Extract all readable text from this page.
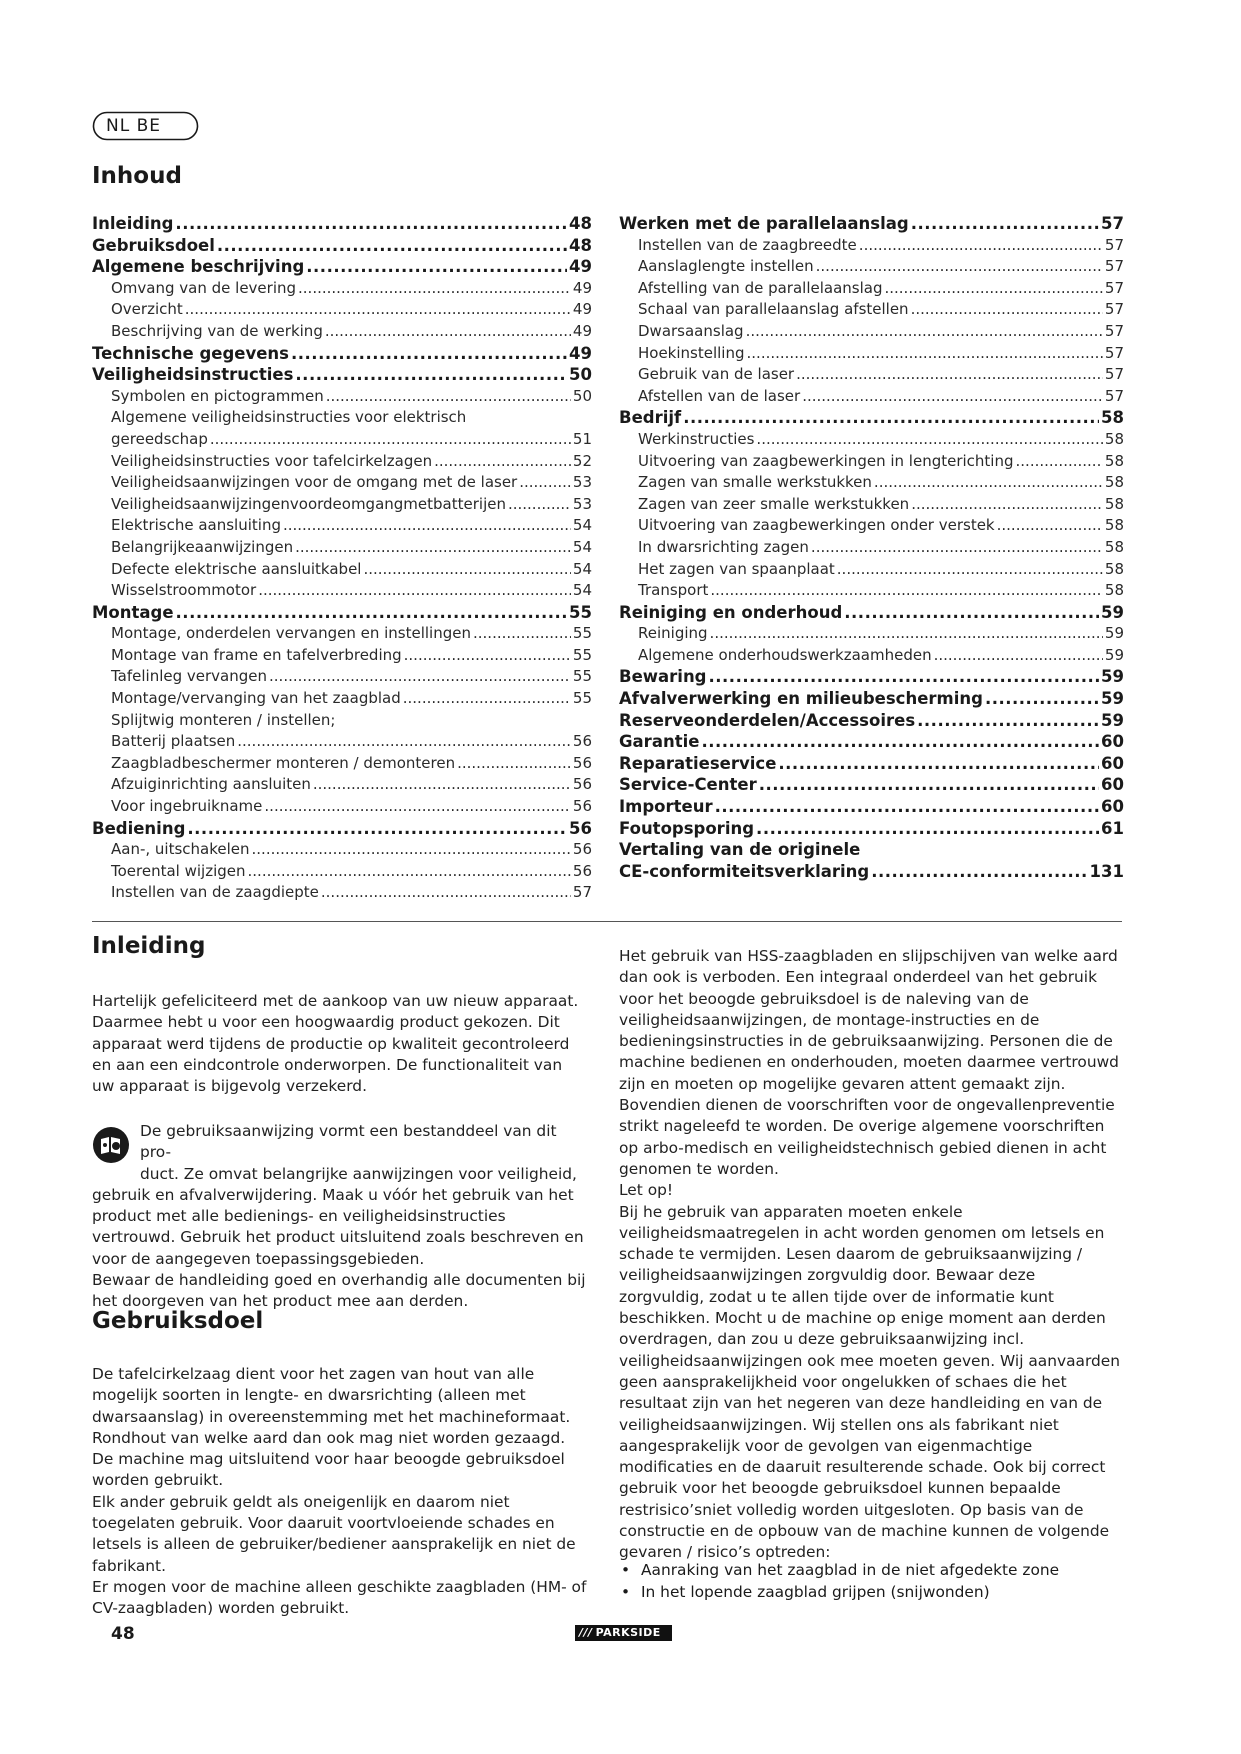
NL BE
Inhoud
Inleiding .....	48
Gebruiksdoel .....	48
Algemene beschrijving .....	49
Omvang van de levering .....	49
Overzicht .....	49
Beschrijving van de werking .....	49
Technische gegevens .....	49
Veiligheidsinstructies .....	50
Symbolen en pictogrammen .....	50
Algemene veiligheidsinstructies voor elektrisch
gereedschap .....	51
Veiligheidsinstructies voor tafelcirkelzagen .....	52
Veiligheidsaanwijzingen voor de omgang met de laser .....	53
Veiligheidsaanwijzingenvoordeomgangmetbatterijen .....	53
Elektrische aansluiting .....	54
Belangrijkeaanwijzingen .....	54
Defecte elektrische aansluitkabel .....	54
Wisselstroommotor .....	54
Montage .....	55
Montage, onderdelen vervangen en instellingen .....	55
Montage van frame en tafelverbreding .....	55
Tafelinleg vervangen .....	55
Montage/vervanging van het zaagblad .....	55
Splijtwig monteren / instellen;
Batterij plaatsen .....	56
Zaagbladbeschermer monteren / demonteren .....	56
Afzuiginrichting aansluiten .....	56
Voor ingebruikname .....	56
Bediening .....	56
Aan-, uitschakelen .....	56
Toerental wijzigen .....	56
Instellen van de zaagdiepte .....	57
Werken met de parallelaanslag .....	57
Instellen van de zaagbreedte .....	57
Aanslaglengte instellen .....	57
Afstelling van de parallelaanslag .....	57
Schaal van parallelaanslag afstellen .....	57
Dwarsaanslag .....	57
Hoekinstelling .....	57
Gebruik van de laser .....	57
Afstellen van de laser .....	57
Bedrijf .....	58
Werkinstructies .....	58
Uitvoering van zaagbewerkingen in lengterichting .....	58
Zagen van smalle werkstukken .....	58
Zagen van zeer smalle werkstukken .....	58
Uitvoering van zaagbewerkingen onder verstek .....	58
In dwarsrichting zagen .....	58
Het zagen van spaanplaat .....	58
Transport .....	58
Reiniging en onderhoud .....	59
Reiniging .....	59
Algemene onderhoudswerkzaamheden .....	59
Bewaring .....	59
Afvalverwerking en milieubescherming .....	59
Reserveonderdelen/Accessoires .....	59
Garantie .....	60
Reparatieservice .....	60
Service-Center .....	60
Importeur .....	60
Foutopsporing .....	61
Vertaling van de originele
CE-conformiteitsverklaring .....	131
Inleiding

Hartelijk gefeliciteerd met de aankoop van uw nieuw apparaat. Daarmee hebt u voor een hoogwaardig product gekozen. Dit apparaat werd tijdens de productie op kwaliteit gecontroleerd en aan een eindcontrole onderworpen. De functionaliteit van uw apparaat is bijgevolg verzekerd.

De gebruiksaanwijzing vormt een bestanddeel van dit pro-
duct. Ze omvat belangrijke aanwijzingen voor veiligheid,
gebruik en afvalverwijdering. Maak u vóór het gebruik van het product met alle bedienings- en veiligheidsinstructies vertrouwd. Gebruik het product uitsluitend zoals beschreven en voor de aangegeven toepassingsgebieden.
Bewaar de handleiding goed en overhandig alle documenten bij het doorgeven van het product mee aan derden.
Gebruiksdoel

De tafelcirkelzaag dient voor het zagen van hout van alle mogelijk soorten in lengte- en dwarsrichting (alleen met dwarsaanslag) in overeenstemming met het machineformaat. Rondhout van welke aard dan ook mag niet worden gezaagd. De machine mag uitsluitend voor haar beoogde gebruiksdoel worden gebruikt.

Elk ander gebruik geldt als oneigenlijk en daarom niet toegelaten gebruik. Voor daaruit voortvloeiende schades en letsels is alleen de gebruiker/bediener aansprakelijk en niet de fabrikant.

Er mogen voor de machine alleen geschikte zaagbladen (HM- of CV-zaagbladen) worden gebruikt.

Het gebruik van HSS-zaagbladen en slijpschijven van welke aard dan ook is verboden. Een integraal onderdeel van het gebruik voor het beoogde gebruiksdoel is de naleving van de veiligheidsaanwijzingen, de montage-instructies en de bedieningsinstructies in de gebruiksaanwijzing. Personen die de machine bedienen en onderhouden, moeten daarmee vertrouwd zijn en moeten op mogelijke gevaren attent gemaakt zijn. Bovendien dienen de voorschriften voor de ongevallenpreventie strikt nageleefd te worden. De overige algemene voorschriften op arbo-medisch en veiligheidstechnisch gebied dienen in acht genomen te worden.

Let op!

Bij he gebruik van apparaten moeten enkele veiligheidsmaatregelen in acht worden genomen om letsels en schade te vermijden. Lesen daarom de gebruiksaanwijzing / veiligheidsaanwijzingen zorgvuldig door. Bewaar deze zorgvuldig, zodat u te allen tijde over de informatie kunt beschikken. Mocht u de machine op enige moment aan derden overdragen, dan zou u deze gebruiksaanwijzing incl. veiligheidsaanwijzingen ook mee moeten geven. Wij aanvaarden geen aansprakelijkheid voor ongelukken of schaes die het resultaat zijn van het negeren van deze handleiding en van de veiligheidsaanwijzingen. Wij stellen ons als fabrikant niet aangesprakelijk voor de gevolgen van eigenmachtige modificaties en de daaruit resulterende schade. Ook bij correct gebruik voor het beoogde gebruiksdoel kunnen bepaalde restrisico’sniet volledig worden uitgesloten. Op basis van de constructie en de opbouw van de machine kunnen de volgende gevaren / risico’s optreden:

• Aanraking van het zaagblad in de niet afgedekte zone
• In het lopende zaagblad grijpen (snijwonden)
48	/// PARKSIDE
